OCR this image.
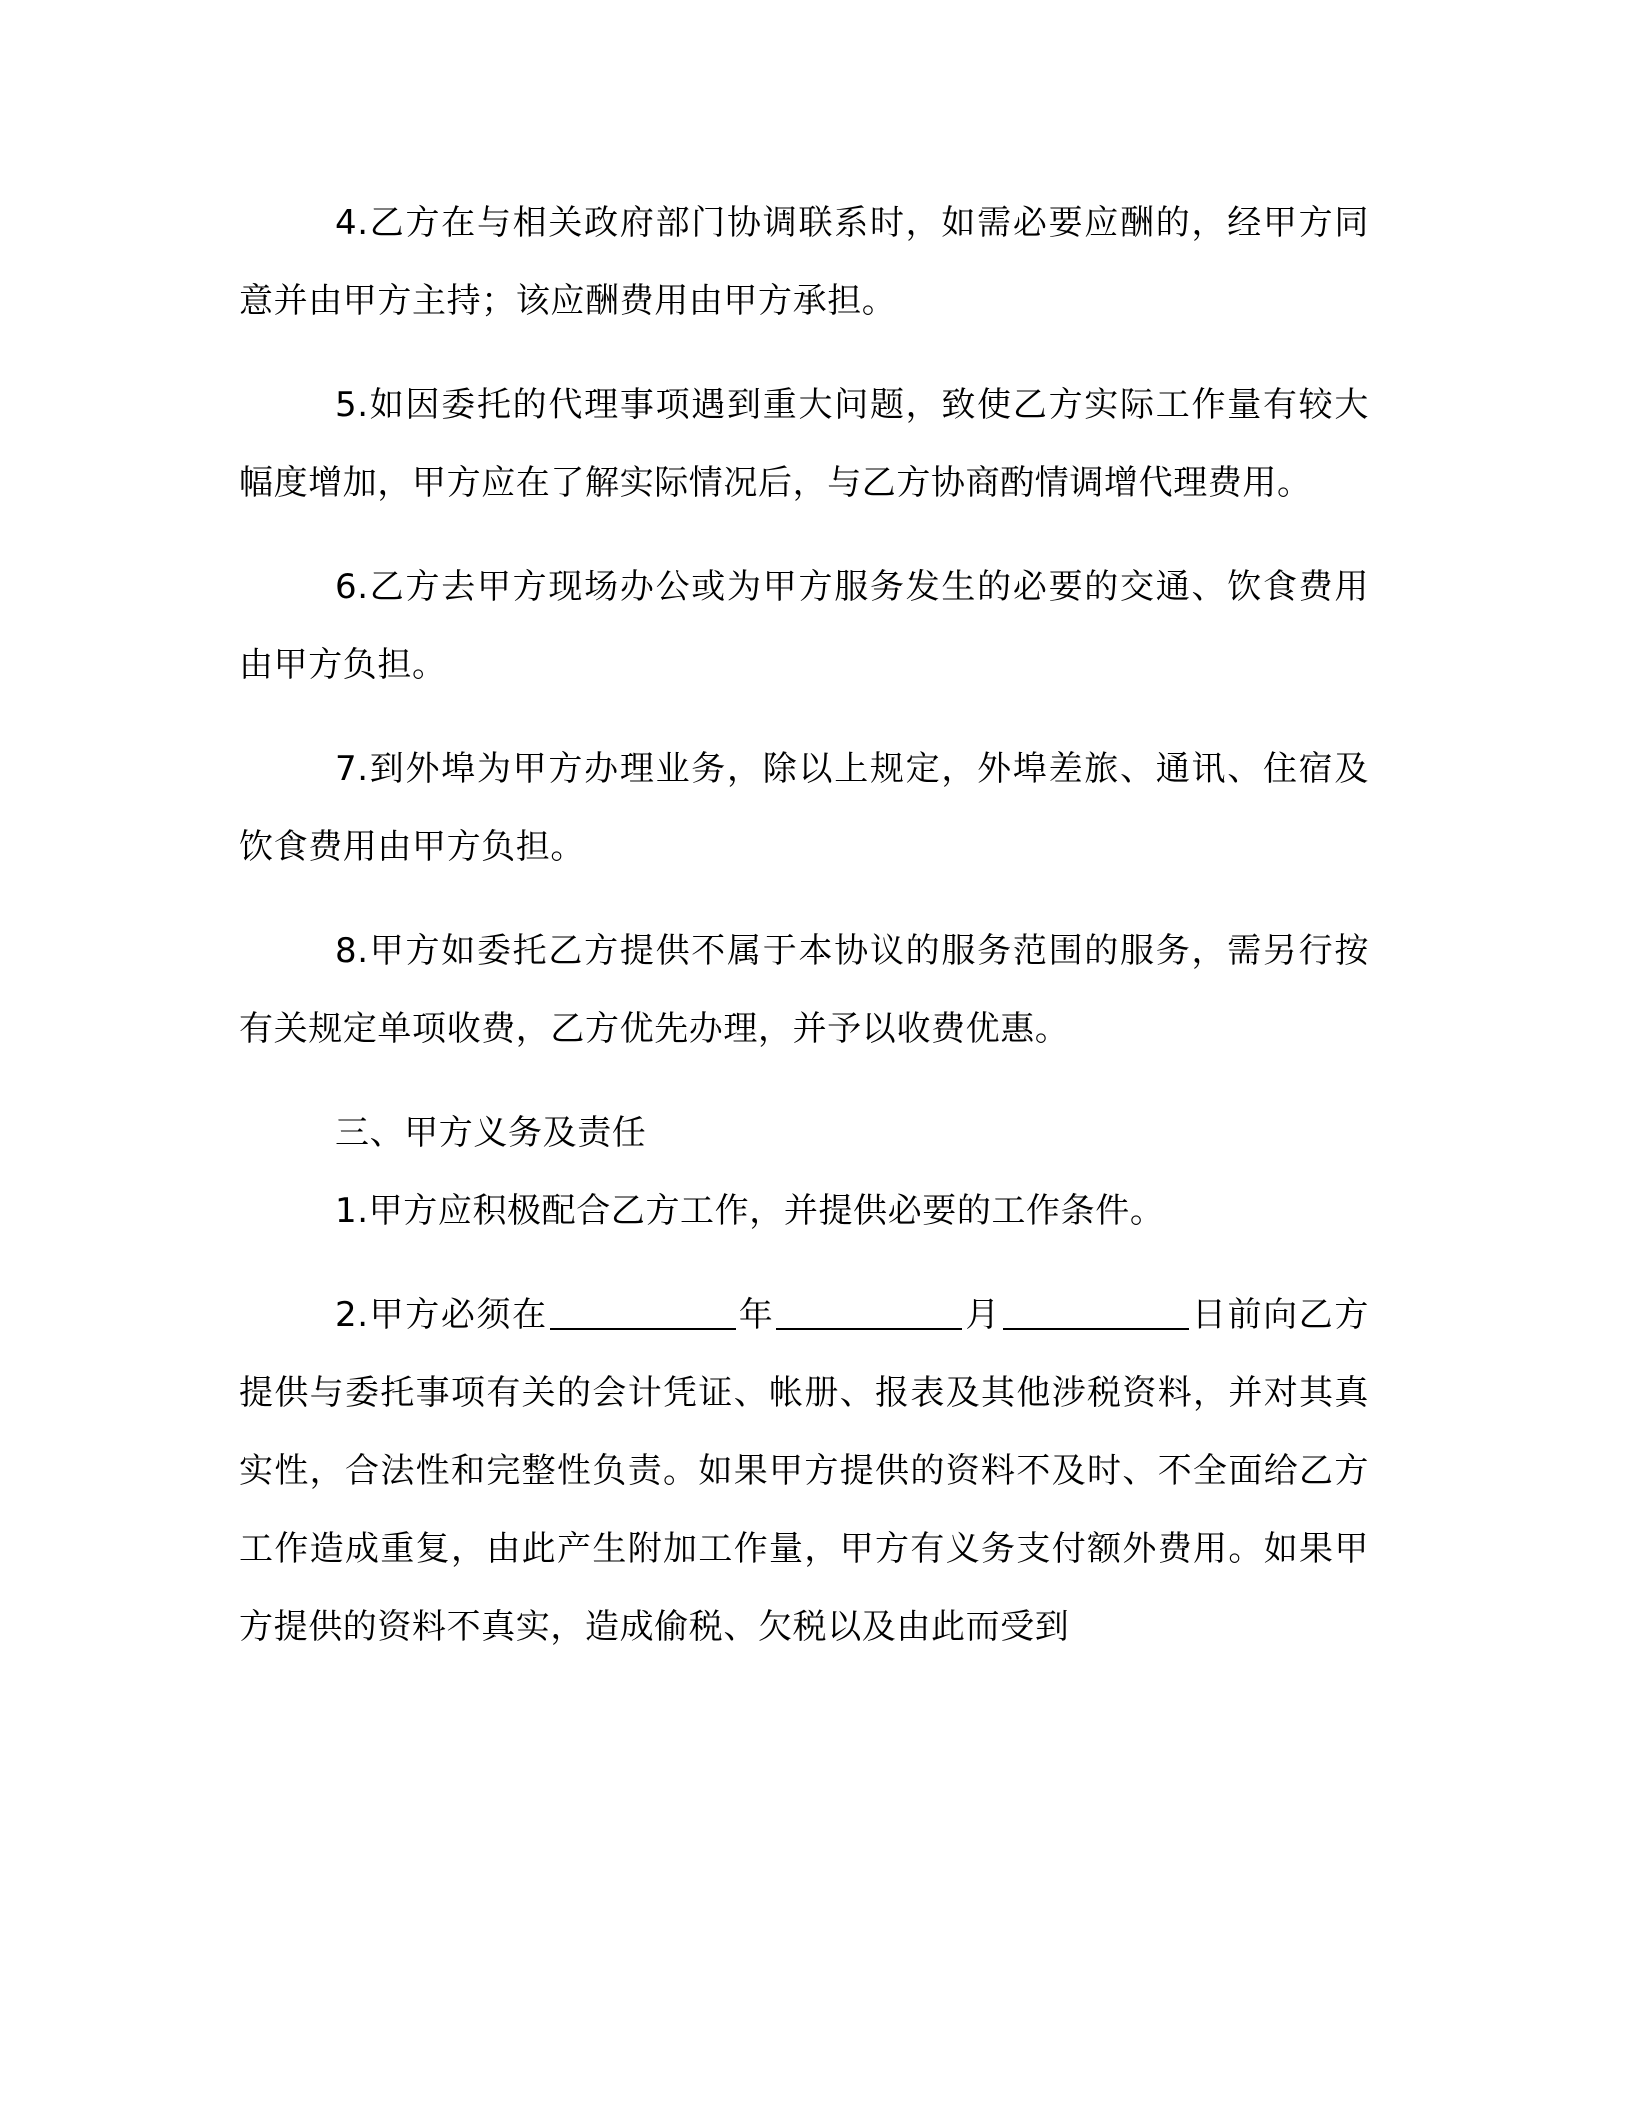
4.乙方在与相关政府部门协调联系时，如需必要应酬的，经甲方同意并由甲方主持；该应酬费用由甲方承担。

5.如因委托的代理事项遇到重大问题，致使乙方实际工作量有较大幅度增加，甲方应在了解实际情况后，与乙方协商酌情调增代理费用。

6.乙方去甲方现场办公或为甲方服务发生的必要的交通、饮食费用由甲方负担。

7.到外埠为甲方办理业务，除以上规定，外埠差旅、通讯、住宿及饮食费用由甲方负担。

8.甲方如委托乙方提供不属于本协议的服务范围的服务，需另行按有关规定单项收费，乙方优先办理，并予以收费优惠。

三、甲方义务及责任

1.甲方应积极配合乙方工作，并提供必要的工作条件。

2.甲方必须在	年	月	日前向乙方提供与委托事项有关的会计凭证、帐册、报表及其他涉税资料，并对其真实性，合法性和完整性负责。如果甲方提供的资料不及时、不全面给乙方工作造成重复，由此产生附加工作量，甲方有义务支付额外费用。如果甲方提供的资料不真实，造成偷税、欠税以及由此而受到
